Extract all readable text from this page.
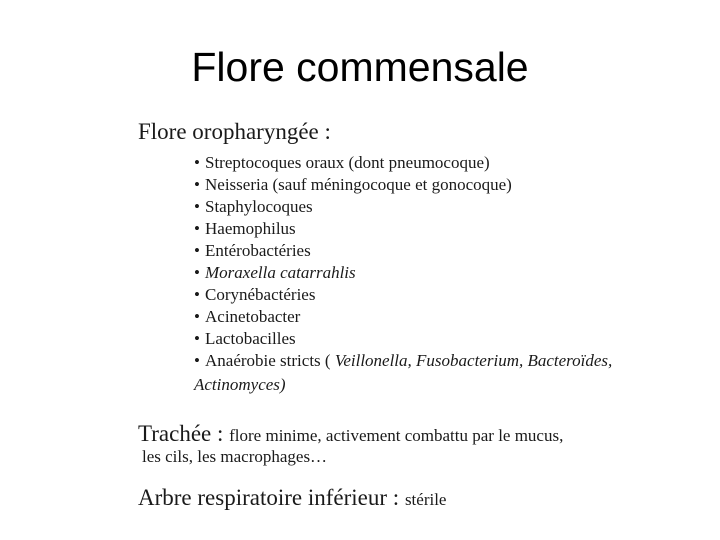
Flore commensale
Flore oropharyngée :
• Streptocoques oraux (dont pneumocoque)
• Neisseria (sauf méningocoque et gonocoque)
• Staphylocoques
• Haemophilus
• Entérobactéries
• Moraxella catarrahlis
• Corynébactéries
• Acinetobacter
• Lactobacilles
• Anaérobie stricts ( Veillonella, Fusobacterium, Bacteroïdes,
Actinomyces)
Trachée : flore minime, activement combattu par le mucus,
les cils, les macrophages…
Arbre respiratoire inférieur : stérile
